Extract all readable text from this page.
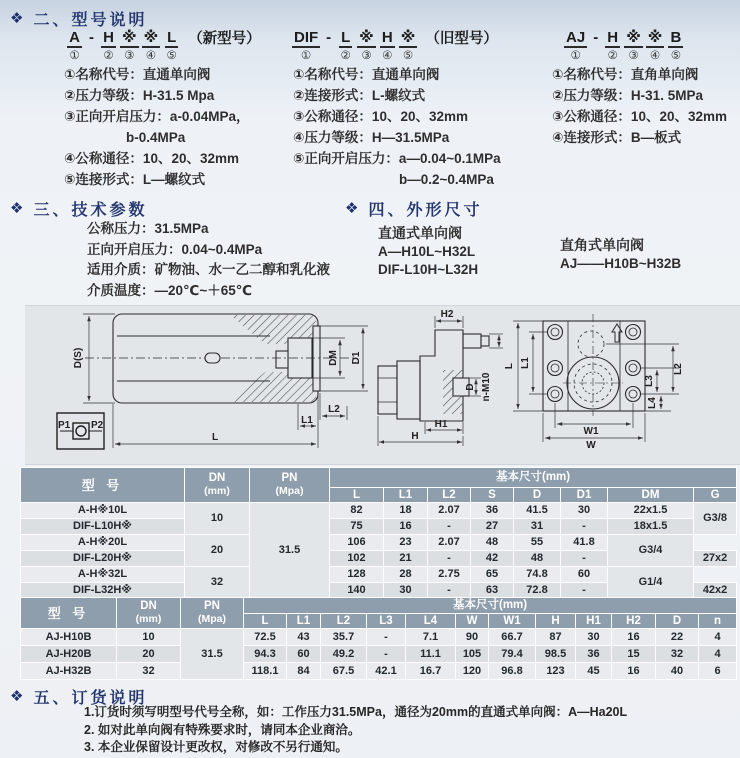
❖ 二、型号说明
A
①
- H
②
※
③
※
④
L
⑤
（新型号）
①名称代号：直通单向阀
②压力等级：H-31.5 Mpa
③正向开启压力：a-0.04MPa，
b-0.4MPa
④公称通径：10、20、32mm
⑤连接形式：L—螺纹式
DIF
①
- L
②
※
③
H
④
※
⑤
（旧型号）
①名称代号：直通单向阀
②连接形式：L-螺纹式
③公称通径：10、20、32mm
④压力等级：H—31.5MPa
⑤正向开启压力：a—0.04~0.1MPa
b—0.2~0.4MPa
AJ
①
- H
②
※
③
※
④
B
⑤
①名称代号：直角单向阀
②压力等级：H-31. 5MPa
③公称通径：10、20、32mm
④连接形式：B—板式
❖ 三、技术参数
公称压力：31.5MPa
正向开启压力：0.04~0.4MPa
适用介质：矿物油、水一乙二醇和乳化液
介质温度：—20℃~＋65℃
❖ 四、外形尺寸
直通式单向阀
A—H10L~H32L
DIF-L10H~L32H
直角式单向阀
AJ——H10B~H32B
D(S)	DM D1
L
L1
L2
P1 P2
H2
D n-M10
H1
H
L L1
L2
L3
L4
W1
W
型 号	DN
(mm)

PN
(Mpa)
	基本尺寸(mm)
			L	L1	L2	S	D	D1	DM	G
A-H※10L	10	31.5	82	18	2.07	36	41.5	30	22x1.5	G3/8
DIF-L10H※			75	16	-	27	31	-	18x1.5	
A-H※20L	20		106	23	2.07	48	55	41.8	G3/4	
DIF-L20H※			102	21	-	42	48	-		27x2
A-H※32L	32		128	28	2.75	65	74.8	60	G1/4	
DIF-L32H※			140	30	-	63	72.8	-		42x2
型 号	DN
(mm)

PN
(Mpa)
	基本尺寸(mm)
			L	L1	L2	L3	L4	W	W1	H	H1	H2	D	n
AJ-H10B	10	31.5	72.5	43	35.7	-	7.1	90	66.7	87	30	16	22	4
AJ-H20B	20		94.3	60	49.2	-	11.1	105	79.4	98.5	36	15	32	4
AJ-H32B	32		118.1	84	67.5	42.1	16.7	120	96.8	123	45	16	40	6
❖ 五、订货说明
1.订货时须写明型号代号全称，如：工作压力31.5MPa，通径为20mm的直通式单向阀：A—Ha20L
2. 如对此单向阀有特殊要求时，请同本企业商洽。
3. 本企业保留设计更改权，对修改不另行通知。
